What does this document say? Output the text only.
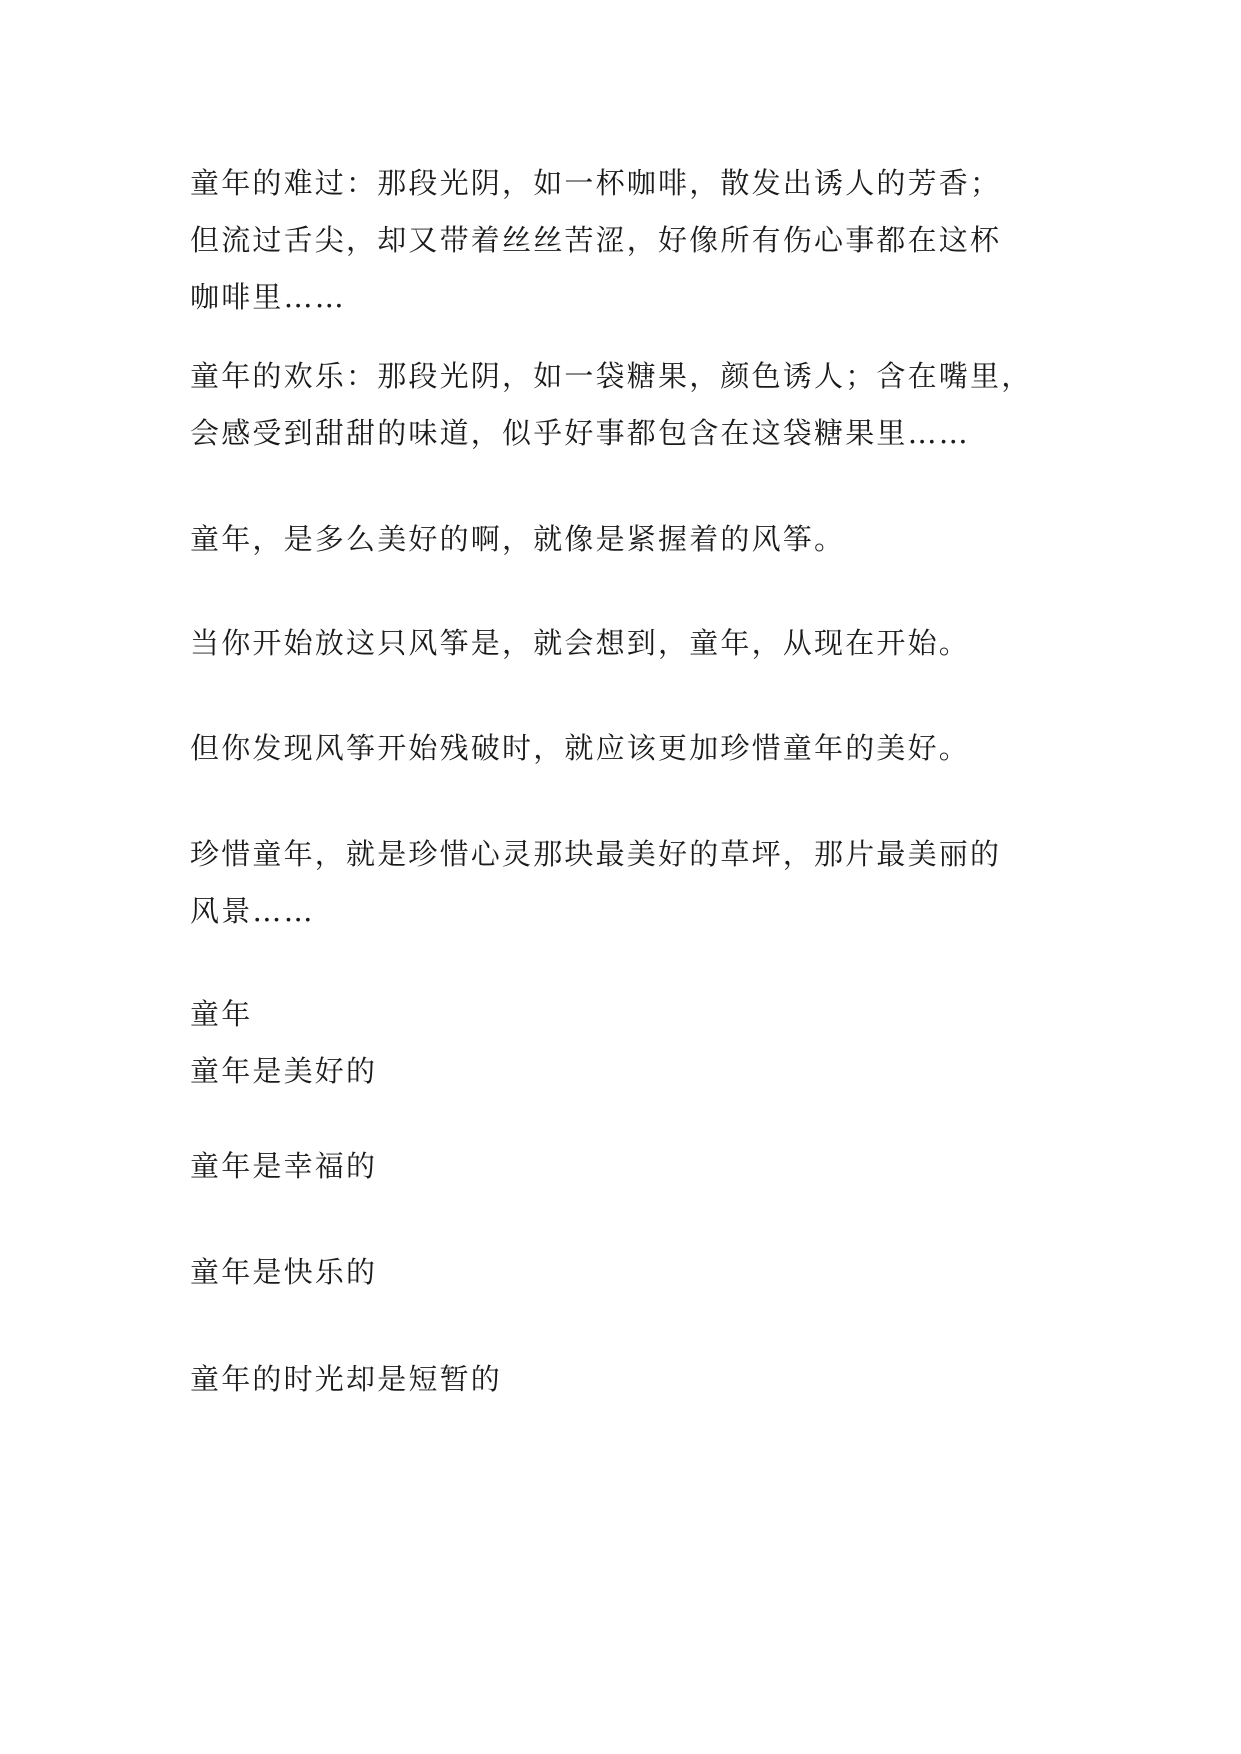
童年的难过：那段光阴，如一杯咖啡，散发出诱人的芳香；
但流过舌尖，却又带着丝丝苦涩，好像所有伤心事都在这杯
咖啡里……
童年的欢乐：那段光阴，如一袋糖果，颜色诱人；含在嘴里，
会感受到甜甜的味道，似乎好事都包含在这袋糖果里……
童年，是多么美好的啊，就像是紧握着的风筝。
当你开始放这只风筝是，就会想到，童年，从现在开始。
但你发现风筝开始残破时，就应该更加珍惜童年的美好。
珍惜童年，就是珍惜心灵那块最美好的草坪，那片最美丽的
风景……
童年
童年是美好的
童年是幸福的
童年是快乐的
童年的时光却是短暂的
